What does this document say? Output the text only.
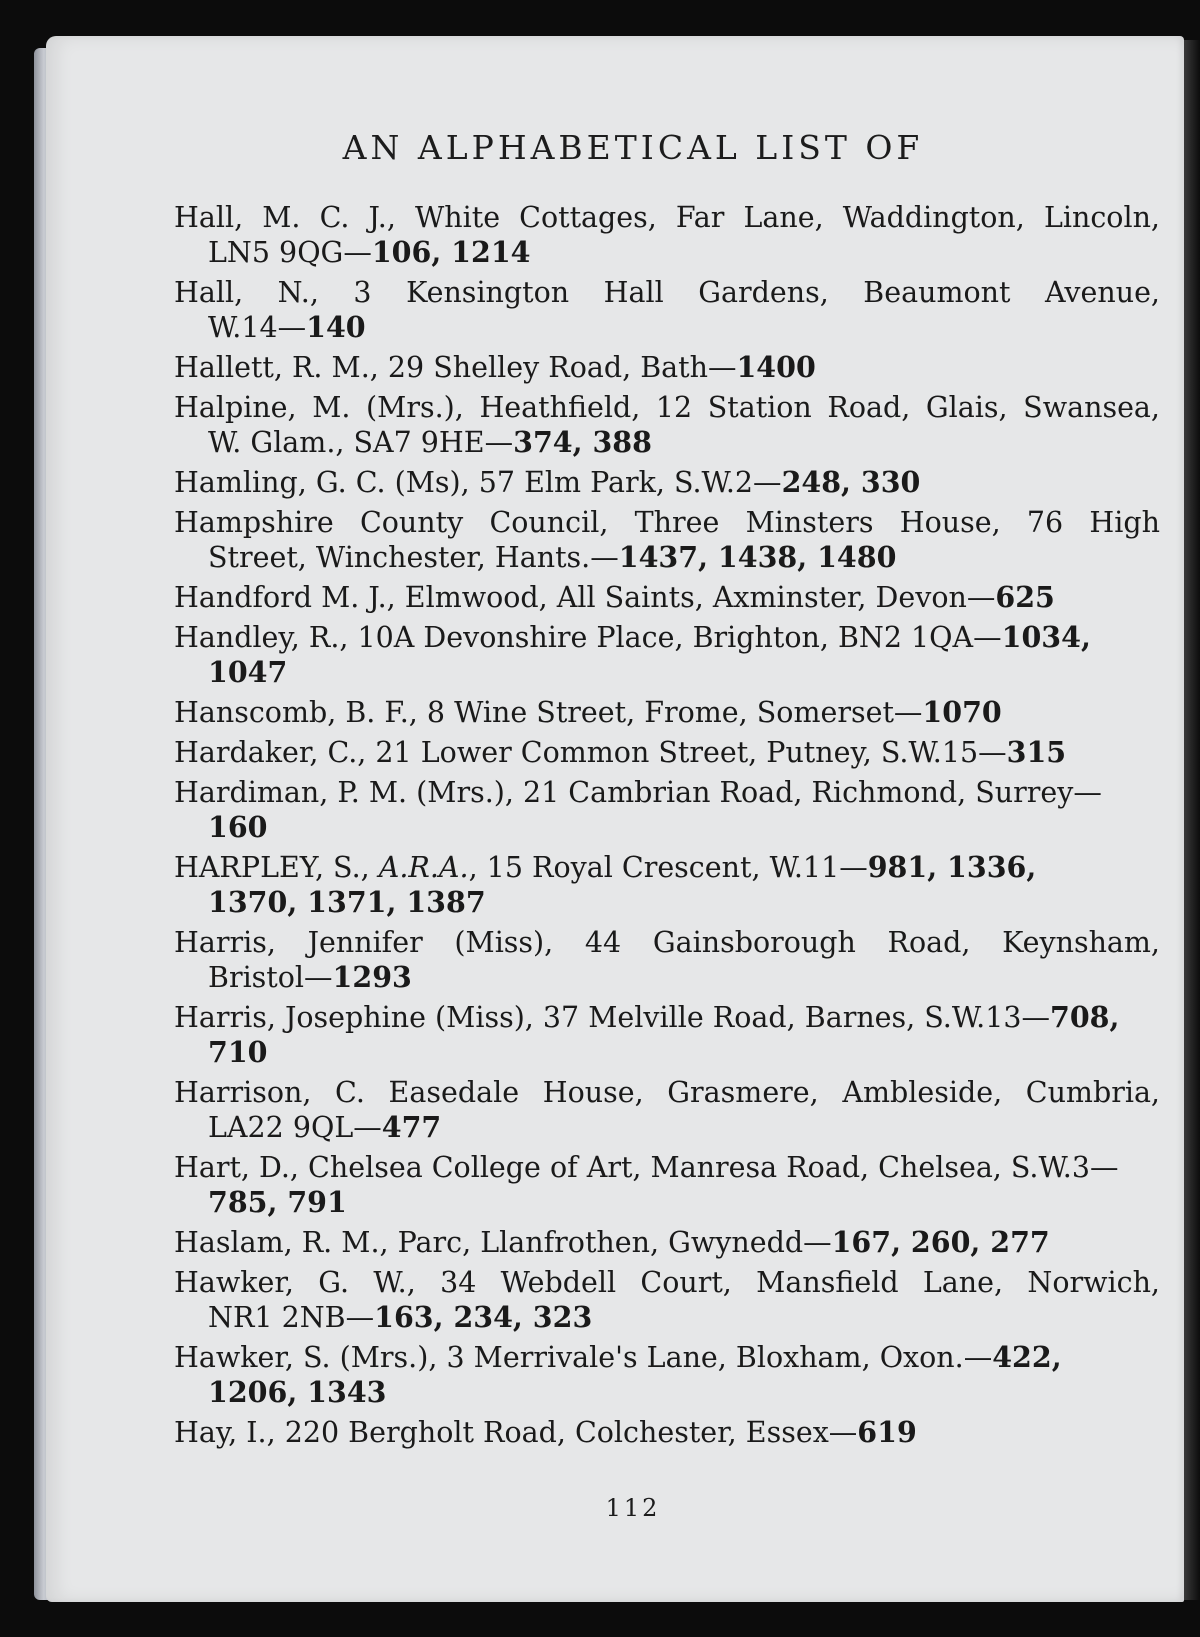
AN ALPHABETICAL LIST OF
Hall, M. C. J., White Cottages, Far Lane, Waddington, Lincoln,
LN5 9QG—106, 1214
Hall, N., 3 Kensington Hall Gardens, Beaumont Avenue,
W.14—140
Hallett, R. M., 29 Shelley Road, Bath—1400
Halpine, M. (Mrs.), Heathfield, 12 Station Road, Glais, Swansea,
W. Glam., SA7 9HE—374, 388
Hamling, G. C. (Ms), 57 Elm Park, S.W.2—248, 330
Hampshire County Council, Three Minsters House, 76 High
Street, Winchester, Hants.—1437, 1438, 1480
Handford M. J., Elmwood, All Saints, Axminster, Devon—625
Handley, R., 10A Devonshire Place, Brighton, BN2 1QA—1034,
1047
Hanscomb, B. F., 8 Wine Street, Frome, Somerset—1070
Hardaker, C., 21 Lower Common Street, Putney, S.W.15—315
Hardiman, P. M. (Mrs.), 21 Cambrian Road, Richmond, Surrey—
160
HARPLEY, S., A.R.A., 15 Royal Crescent, W.11—981, 1336,
1370, 1371, 1387
Harris, Jennifer (Miss), 44 Gainsborough Road, Keynsham,
Bristol—1293
Harris, Josephine (Miss), 37 Melville Road, Barnes, S.W.13—708,
710
Harrison, C. Easedale House, Grasmere, Ambleside, Cumbria,
LA22 9QL—477
Hart, D., Chelsea College of Art, Manresa Road, Chelsea, S.W.3—
785, 791
Haslam, R. M., Parc, Llanfrothen, Gwynedd—167, 260, 277
Hawker, G. W., 34 Webdell Court, Mansfield Lane, Norwich,
NR1 2NB—163, 234, 323
Hawker, S. (Mrs.), 3 Merrivale's Lane, Bloxham, Oxon.—422,
1206, 1343
Hay, I., 220 Bergholt Road, Colchester, Essex—619
112
